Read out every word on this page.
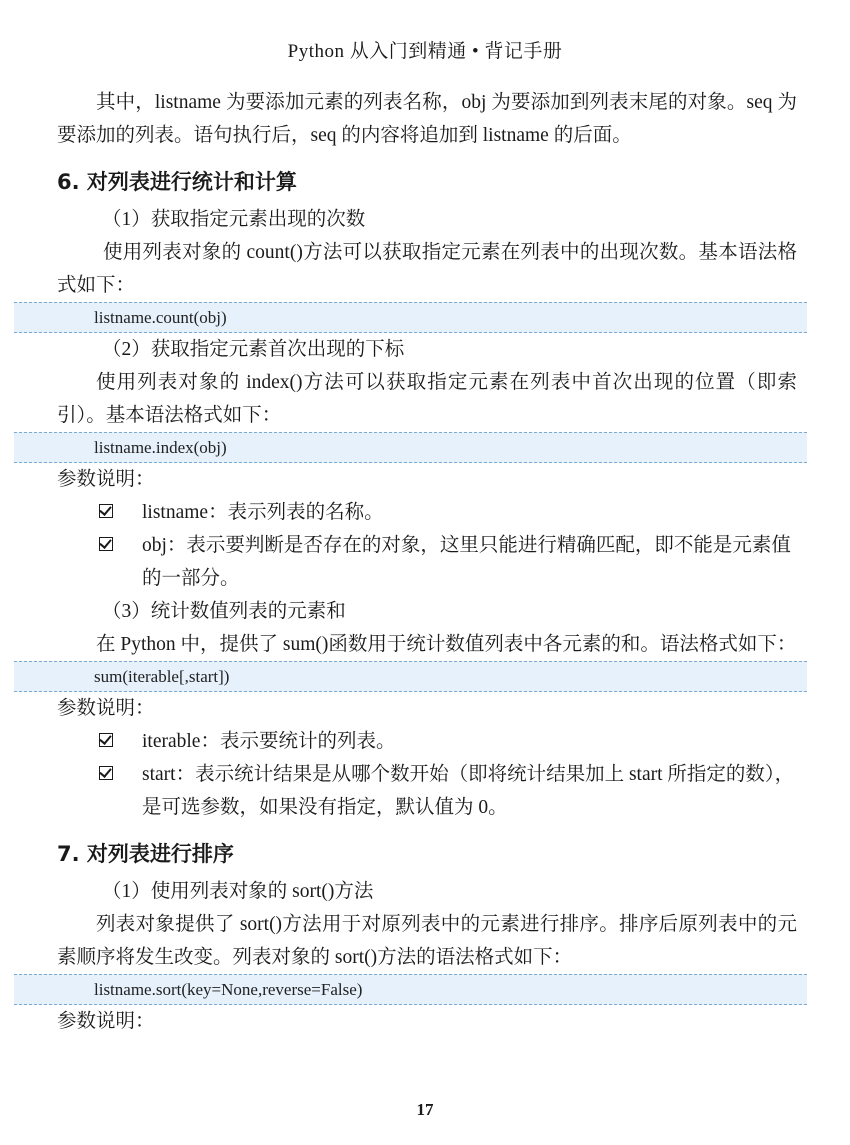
Python 从入门到精通 • 背记手册

其中，listname 为要添加元素的列表名称，obj 为要添加到列表末尾的对象。seq 为要添加的列表。语句执行后，seq 的内容将追加到 listname 的后面。

6. 对列表进行统计和计算

（1）获取指定元素出现的次数

使用列表对象的 count()方法可以获取指定元素在列表中的出现次数。基本语法格式如下：

listname.count(obj)

（2）获取指定元素首次出现的下标

使用列表对象的 index()方法可以获取指定元素在列表中首次出现的位置（即索引）。基本语法格式如下：

listname.index(obj)

参数说明：

listname：表示列表的名称。
obj：表示要判断是否存在的对象，这里只能进行精确匹配，即不能是元素值的一部分。

（3）统计数值列表的元素和

在 Python 中，提供了 sum()函数用于统计数值列表中各元素的和。语法格式如下：

sum(iterable[,start])

参数说明：

iterable：表示要统计的列表。
start：表示统计结果是从哪个数开始（即将统计结果加上 start 所指定的数），是可选参数，如果没有指定，默认值为 0。

7. 对列表进行排序

（1）使用列表对象的 sort()方法

列表对象提供了 sort()方法用于对原列表中的元素进行排序。排序后原列表中的元素顺序将发生改变。列表对象的 sort()方法的语法格式如下：

listname.sort(key=None,reverse=False)

参数说明：

17
